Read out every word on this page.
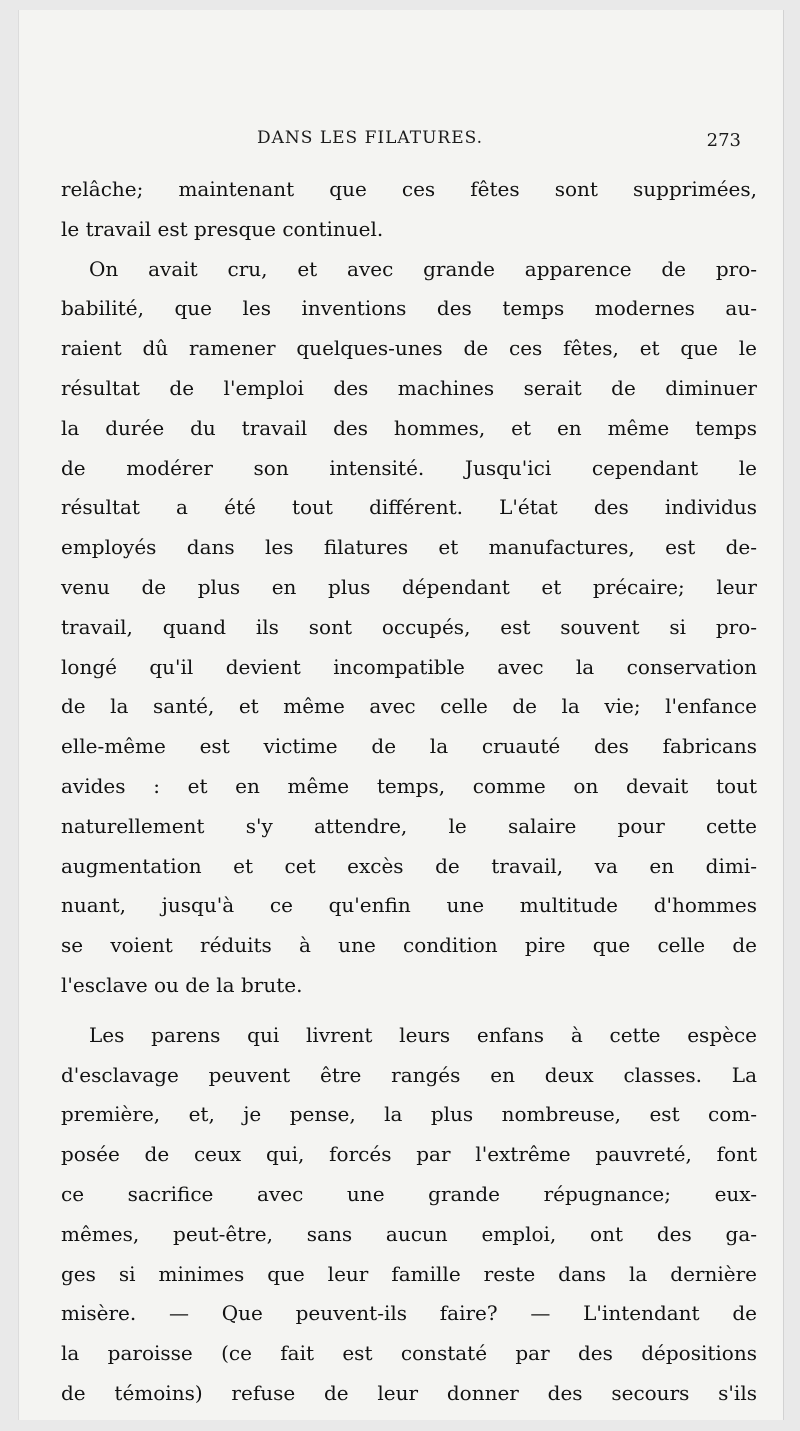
DANS LES FILATURES.	273
relâche; maintenant que ces fêtes sont supprimées,
le travail est presque continuel.
On avait cru, et avec grande apparence de pro-
babilité, que les inventions des temps modernes au-
raient dû ramener quelques-unes de ces fêtes, et que le
résultat de l'emploi des machines serait de diminuer
la durée du travail des hommes, et en même temps
de modérer son intensité. Jusqu'ici cependant le
résultat a été tout différent. L'état des individus
employés dans les filatures et manufactures, est de-
venu de plus en plus dépendant et précaire; leur
travail, quand ils sont occupés, est souvent si pro-
longé qu'il devient incompatible avec la conservation
de la santé, et même avec celle de la vie; l'enfance
elle-même est victime de la cruauté des fabricans
avides : et en même temps, comme on devait tout
naturellement s'y attendre, le salaire pour cette
augmentation et cet excès de travail, va en dimi-
nuant, jusqu'à ce qu'enfin une multitude d'hommes
se voient réduits à une condition pire que celle de
l'esclave ou de la brute.
Les parens qui livrent leurs enfans à cette espèce
d'esclavage peuvent être rangés en deux classes. La
première, et, je pense, la plus nombreuse, est com-
posée de ceux qui, forcés par l'extrême pauvreté, font
ce sacrifice avec une grande répugnance; eux-
mêmes, peut-être, sans aucun emploi, ont des ga-
ges si minimes que leur famille reste dans la dernière
misère. — Que peuvent-ils faire? — L'intendant de
la paroisse (ce fait est constaté par des dépositions
de témoins) refuse de leur donner des secours s'ils
